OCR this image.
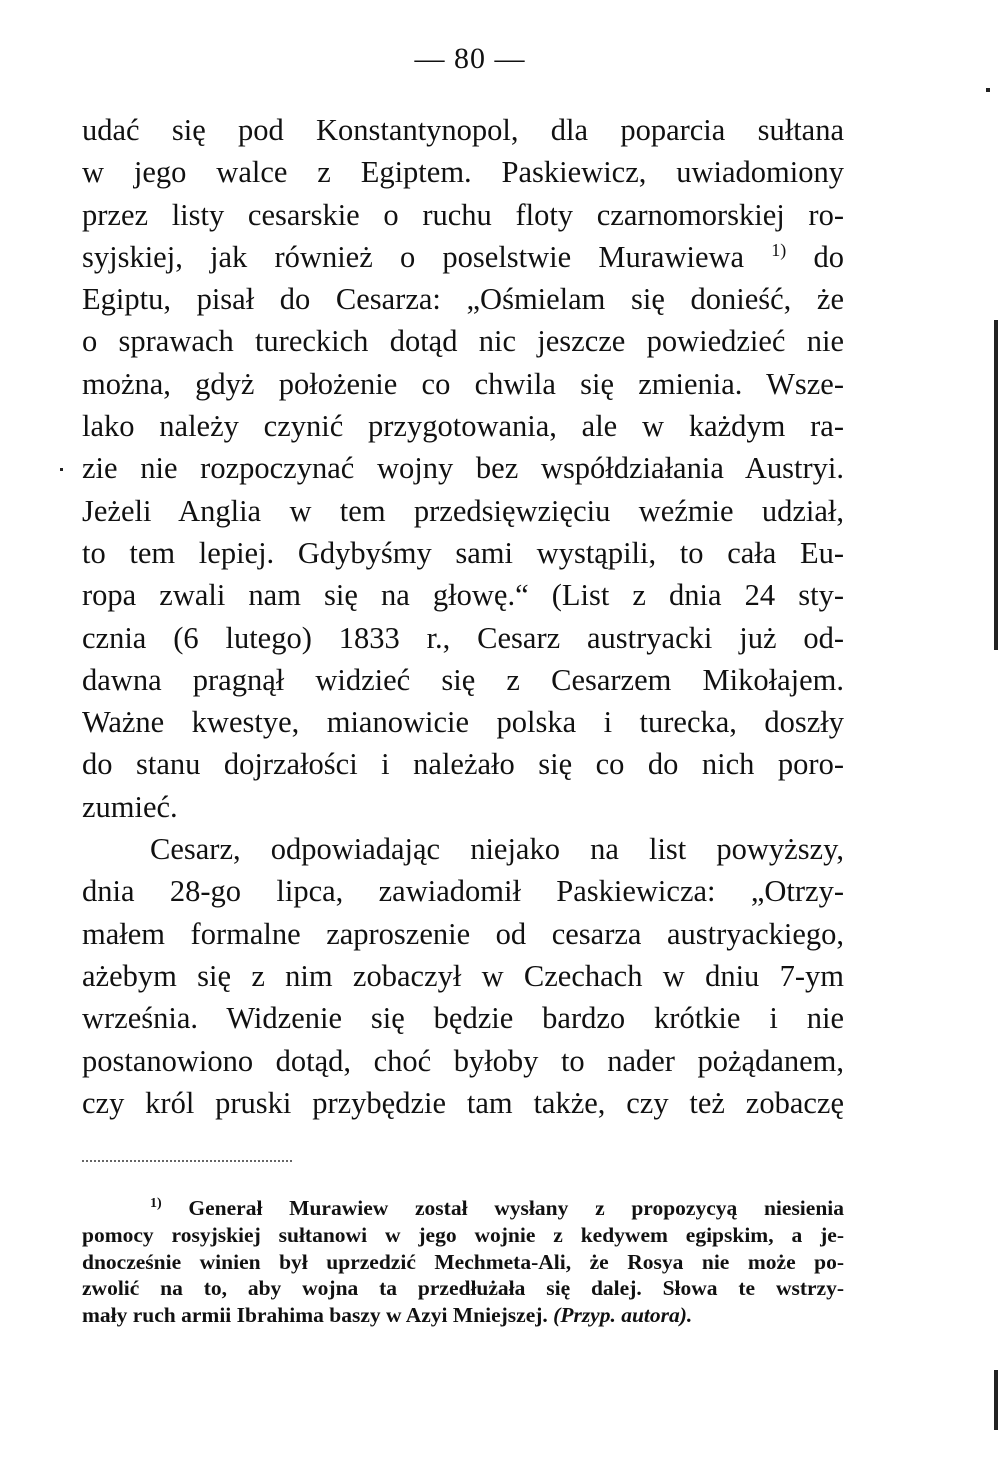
— 80 —
udać się pod Konstantynopol, dla poparcia sułtana
w jego walce z Egiptem. Paskiewicz, uwiadomiony
przez listy cesarskie o ruchu floty czarnomorskiej ro-
syjskiej, jak również o poselstwie Murawiewa $^{1)}$ do
Egiptu, pisał do Cesarza: „Ośmielam się donieść, że
o sprawach tureckich dotąd nic jeszcze powiedzieć nie
można, gdyż położenie co chwila się zmienia. Wsze-
lako należy czynić przygotowania, ale w każdym ra-
zie nie rozpoczynać wojny bez współdziałania Austryi.
Jeżeli Anglia w tem przedsięwzięciu weźmie udział,
to tem lepiej. Gdybyśmy sami wystąpili, to cała Eu-
ropa zwali nam się na głowę.“ (List z dnia 24 sty-
cznia (6 lutego) 1833 r., Cesarz austryacki już od-
dawna pragnął widzieć się z Cesarzem Mikołajem.
Ważne kwestye, mianowicie polska i turecka, doszły
do stanu dojrzałości i należało się co do nich poro-
zumieć.
Cesarz, odpowiadając niejako na list powyższy,
dnia 28-go lipca, zawiadomił Paskiewicza: „Otrzy-
małem formalne zaproszenie od cesarza austryackiego,
ażebym się z nim zobaczył w Czechach w dniu 7-ym
września. Widzenie się będzie bardzo krótkie i nie
postanowiono dotąd, choć byłoby to nader pożądanem,
czy król pruski przybędzie tam także, czy też zobaczę
$^{1)}$ Generał Murawiew został wysłany z propozycyą niesienia
pomocy rosyjskiej sułtanowi w jego wojnie z kedywem egipskim, a je-
dnocześnie winien był uprzedzić Mechmeta-Ali, że Rosya nie może po-
zwolić na to, aby wojna ta przedłużała się dalej. Słowa te wstrzy-
mały ruch armii Ibrahima baszy w Azyi Mniejszej. (Przyp. autora).
